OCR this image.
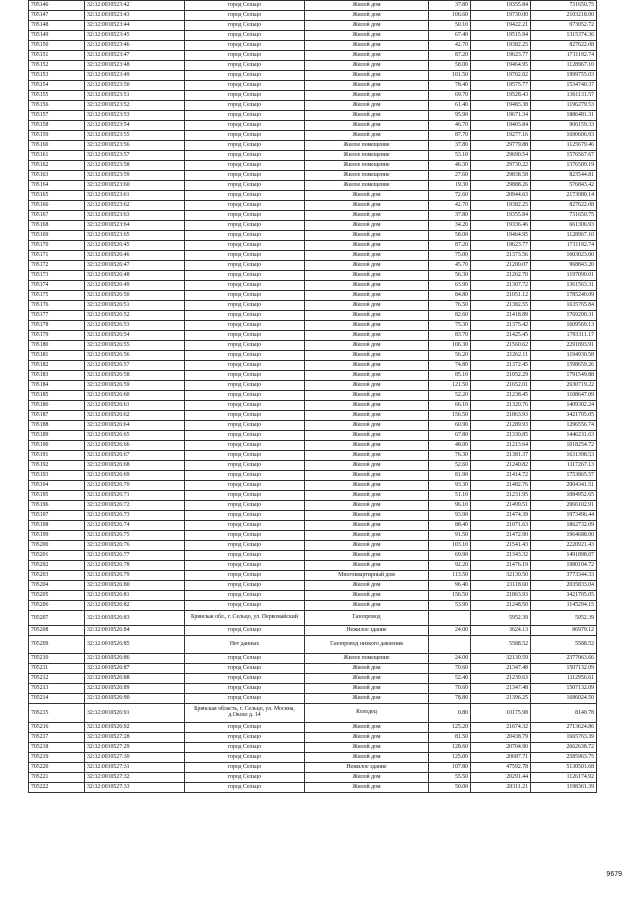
705146	32:32:0010523:42	город Сельцо	Жилой дом	37.80	19355.84	731650.75
705147	32:32:0010523:43	город Сельцо	Жилой дом	106.60	19730.00	2103218.00
705148	32:32:0010523:44	город Сельцо	Жилой дом	50.10	19422.21	973052.72
705149	32:32:0010523:45	город Сельцо	Жилой дом	67.40	19515.94	1315374.36
705150	32:32:0010523:46	город Сельцо	Жилой дом	42.70	19382.25	827622.08
705151	32:32:0010523:47	город Сельцо	Жилой дом	87.20	19623.77	1711192.74
705152	32:32:0010523:48	город Сельцо	Жилой дом	58.00	19464.95	1128967.10
705153	32:32:0010523:49	город Сельцо	Жилой дом	101.50	19702.02	1999755.03
705154	32:32:0010523:50	город Сельцо	Жилой дом	78.40	19575.77	1534740.37
705155	32:32:0010523:51	город Сельцо	Жилой дом	69.70	19528.43	1361131.57
705156	32:32:0010523:52	город Сельцо	Жилой дом	61.40	19483.38	1196279.53
705157	32:32:0010523:53	город Сельцо	Жилой дом	95.90	19671.34	1886481.31
705158	32:32:0010523:54	город Сельцо	Жилой дом	46.70	19403.84	906159.33
705159	32:32:0010523:55	город Сельцо	Жилой дом	87.70	19277.16	1690606.93
705160	32:32:0010523:56	город Сельцо	Жилое помещение	37.80	29779.88	1125679.46
705161	32:32:0010523:57	город Сельцо	Жилое помещение	53.10	29690.54	1576567.67
705162	32:32:0010523:58	город Сельцо	Жилое помещение	46.30	29730.22	1376509.19
705163	32:32:0010523:59	город Сельцо	Жилое помещение	27.60	29838.58	823544.81
705164	32:32:0010523:60	город Сельцо	Жилое помещение	19.30	29888.26	576843.42
705165	32:32:0010523:61	город Сельцо	Жилой дом	72.60	20944.63	2173080.14
705166	32:32:0010523:62	город Сельцо	Жилой дом	42.70	19382.25	827622.08
705167	32:32:0010523:63	город Сельцо	Жилой дом	37.80	19355.84	731650.75
705168	32:32:0010523:64	город Сельцо	Жилой дом	34.20	19336.46	661306.93
705169	32:32:0010523:65	город Сельцо	Жилой дом	58.00	19464.95	1128967.10
705170	32:32:0010526:45	город Сельцо	Жилой дом	87.20	19623.77	1711192.74
705171	32:32:0010526:46	город Сельцо	Жилой дом	75.00	21373.56	1603023.00
705172	32:32:0010526:47	город Сельцо	Жилой дом	45.70	21200.07	968843.20
705173	32:32:0010526:48	город Сельцо	Жилой дом	56.30	21262.70	1197090.01
705174	32:32:0010526:49	город Сельцо	Жилой дом	63.90	21307.72	1361563.31
705175	32:32:0010526:50	город Сельцо	Жилой дом	84.80	21051.12	1785240.09
705176	32:32:0010526:51	город Сельцо	Жилой дом	76.50	21382.55	1635765.84
705177	32:32:0010526:52	город Сельцо	Жилой дом	82.60	21418.89	1769200.31
705178	32:32:0010526:53	город Сельцо	Жилой дом	75.30	21375.42	1609569.13
705179	32:32:0010526:54	город Сельцо	Жилой дом	83.70	21425.45	1793311.17
705180	32:32:0010526:55	город Сельцо	Жилой дом	106.30	21560.62	2291893.91
705181	32:32:0010526:56	город Сельцо	Жилой дом	56.20	21262.11	1194930.58
705182	32:32:0010526:57	город Сельцо	Жилой дом	74.80	21372.45	1598659.26
705183	32:32:0010526:58	город Сельцо	Жилой дом	85.10	21052.29	1791549.88
705184	32:32:0010526:59	город Сельцо	Жилой дом	121.50	21652.01	2630719.22
705185	32:32:0010526:60	город Сельцо	Жилой дом	52.20	21238.45	1108647.09
705186	32:32:0010526:61	город Сельцо	Жилой дом	66.10	21320.76	1409302.24
705187	32:32:0010526:62	город Сельцо	Жилой дом	156.50	21863.93	3421705.05
705188	32:32:0010526:64	город Сельцо	Жилой дом	60.90	21289.93	1296556.74
705189	32:32:0010526:65	город Сельцо	Жилой дом	67.80	21330.85	1446231.63
705190	32:32:0010526:66	город Сельцо	Жилой дом	48.00	21213.64	1018254.72
705191	32:32:0010526:67	город Сельцо	Жилой дом	76.30	21381.37	1631398.53
705192	32:32:0010526:68	город Сельцо	Жилой дом	52.60	21240.82	1117267.13
705193	32:32:0010526:69	город Сельцо	Жилой дом	81.90	21414.72	1753865.57
705194	32:32:0010526:70	город Сельцо	Жилой дом	93.30	21482.76	2004341.51
705195	32:32:0010526:71	город Сельцо	Жилой дом	51.10	21231.95	1084952.65
705196	32:32:0010526:72	город Сельцо	Жилой дом	96.10	21499.51	2066102.91
705197	32:32:0010526:73	город Сельцо	Жилой дом	93.90	21474.39	1973496.44
705198	32:32:0010526:74	город Сельцо	Жилой дом	88.40	21071.63	1862732.09
705199	32:32:0010526:75	город Сельцо	Жилой дом	91.50	21472.90	1964688.00
705200	32:32:0010526:76	город Сельцо	Жилой дом	103.10	21541.43	2220921.43
705201	32:32:0010526:77	город Сельцо	Жилой дом	69.90	21343.32	1491898.07
705202	32:32:0010526:78	город Сельцо	Жилой дом	92.20	21476.19	1980104.72
705203	32:32:0010526:79	город Сельцо	Многоквартирный дом	113.50	32130.50	3773344.33
705204	32:32:0010526:80	город Сельцо	Жилой дом	96.40	21118.60	2035833.04
705205	32:32:0010526:81	город Сельцо	Жилой дом	156.50	21863.93	3421705.05
705206	32:32:0010526:82	город Сельцо	Жилой дом	53.90	21248.50	1145294.15
705207	32:32:0010526:83	Брянская обл., г. Сельцо, ул. Первомайский	Газопровод		5952.39	5952.39
705208	32:32:0010526:84	город Сельцо	Нежилое здание	24.00	3624.13	86979.12
705209	32:32:0010526:85	Нет данных	Газопровод низкого давления		5588.52	5588.52
705210	32:32:0010526:86	город Сельцо	Жилое помещение	24.00	32130.59	2377063.66
705211	32:32:0010526:87	город Сельцо	Жилой дом	70.60	21347.48	1507132.09
705212	32:32:0010526:88	город Сельцо	Жилой дом	52.40	21239.63	1112956.61
705213	32:32:0010526:89	город Сельцо	Жилой дом	70.60	21347.48	1507132.09
705214	32:32:0010526:90	город Сельцо	Жилой дом	78.80	21396.25	1686024.50
705215	32:32:0010526:91	Брянская область, г. Сельцо, ул. Мосина, д.Окско д. 14	Колодец	0.80	10175.98	8140.78
705216	32:32:0010526:92	город Сельцо	Жилой дом	125.20	21674.32	2713624.86
705217	32:32:0010527:28	город Сельцо	Жилой дом	81.50	20438.79	1665763.39
705218	32:32:0010527:29	город Сельцо	Жилой дом	128.60	20704.90	2662638.72
705219	32:32:0010527:30	город Сельцо	Жилой дом	125.00	20687.71	2585963.75
705220	32:32:0010527:31	город Сельцо	Нежилое здание	107.80	47592.78	5130501.68
705221	32:32:0010527:32	город Сельцо	Жилой дом	55.50	20291.44	1126174.92
705222	32:32:0010527:33	город Сельцо	Жилой дом	50.00	20311.21	1198361.39
9679
